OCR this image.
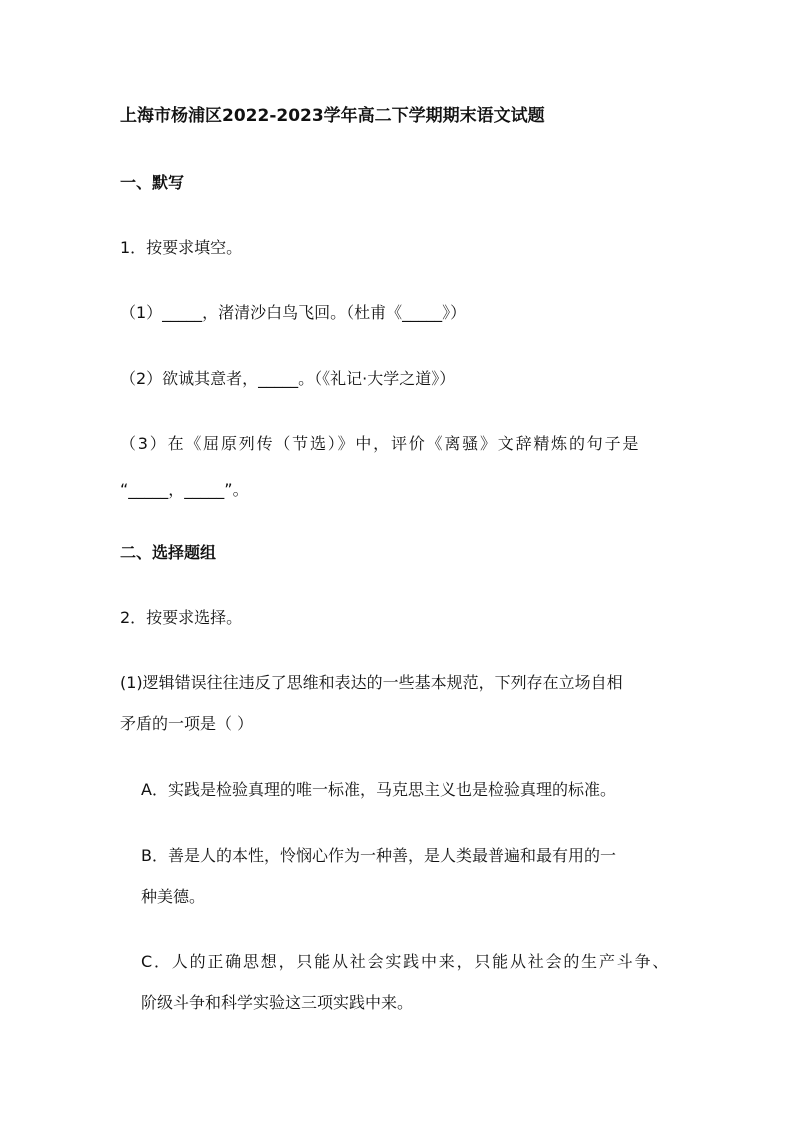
上海市杨浦区2022-2023学年高二下学期期末语文试题
一、默写
1．按要求填空。
（1）_____，渚清沙白鸟飞回。（杜甫《_____》）
（2）欲诚其意者，_____。（《礼记·大学之道》）
（3）在《屈原列传（节选）》中，评价《离骚》文辞精炼的句子是
“_____，_____”。
二、选择题组
2．按要求选择。
(1)逻辑错误往往违反了思维和表达的一些基本规范，下列存在立场自相
矛盾的一项是（ ）
A．实践是检验真理的唯一标准，马克思主义也是检验真理的标准。
B．善是人的本性，怜悯心作为一种善，是人类最普遍和最有用的一
种美德。
C．人的正确思想，只能从社会实践中来，只能从社会的生产斗争、
阶级斗争和科学实验这三项实践中来。
